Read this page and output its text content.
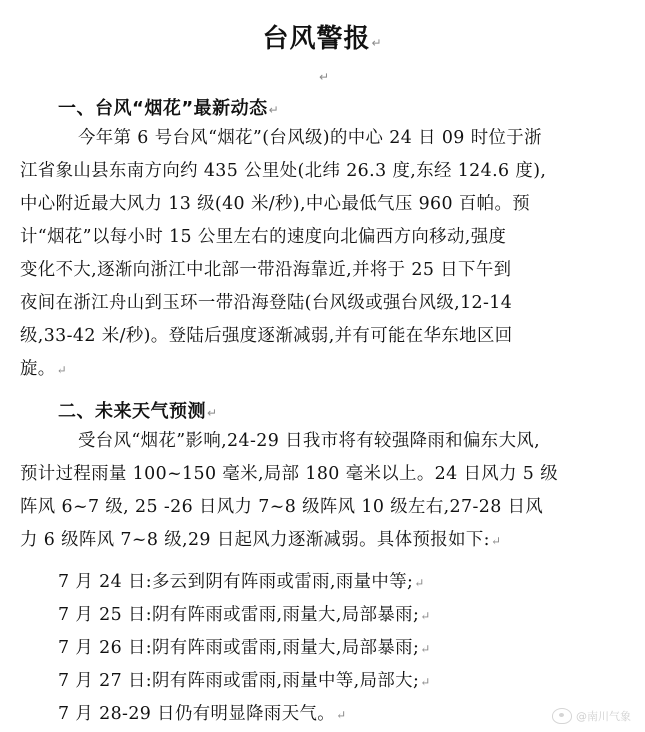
台风警报↵
↵
一、台风“烟花”最新动态↵
今年第 6 号台风“烟花”(台风级)的中心 24 日 09 时位于浙
江省象山县东南方向约 435 公里处(北纬 26.3 度,东经 124.6 度),
中心附近最大风力 13 级(40 米/秒),中心最低气压 960 百帕。预
计“烟花”以每小时 15 公里左右的速度向北偏西方向移动,强度
变化不大,逐渐向浙江中北部一带沿海靠近,并将于 25 日下午到
夜间在浙江舟山到玉环一带沿海登陆(台风级或强台风级,12-14
级,33-42 米/秒)。登陆后强度逐渐减弱,并有可能在华东地区回
旋。↵
二、未来天气预测↵
受台风“烟花”影响,24-29 日我市将有较强降雨和偏东大风,
预计过程雨量 100~150 毫米,局部 180 毫米以上。24 日风力 5 级
阵风 6~7 级, 25 -26 日风力 7~8 级阵风 10 级左右,27-28 日风
力 6 级阵风 7~8 级,29 日起风力逐渐减弱。具体预报如下:↵
7 月 24 日:多云到阴有阵雨或雷雨,雨量中等;↵
7 月 25 日:阴有阵雨或雷雨,雨量大,局部暴雨;↵
7 月 26 日:阴有阵雨或雷雨,雨量大,局部暴雨;↵
7 月 27 日:阴有阵雨或雷雨,雨量中等,局部大;↵
7 月 28-29 日仍有明显降雨天气。↵	@南川气象
